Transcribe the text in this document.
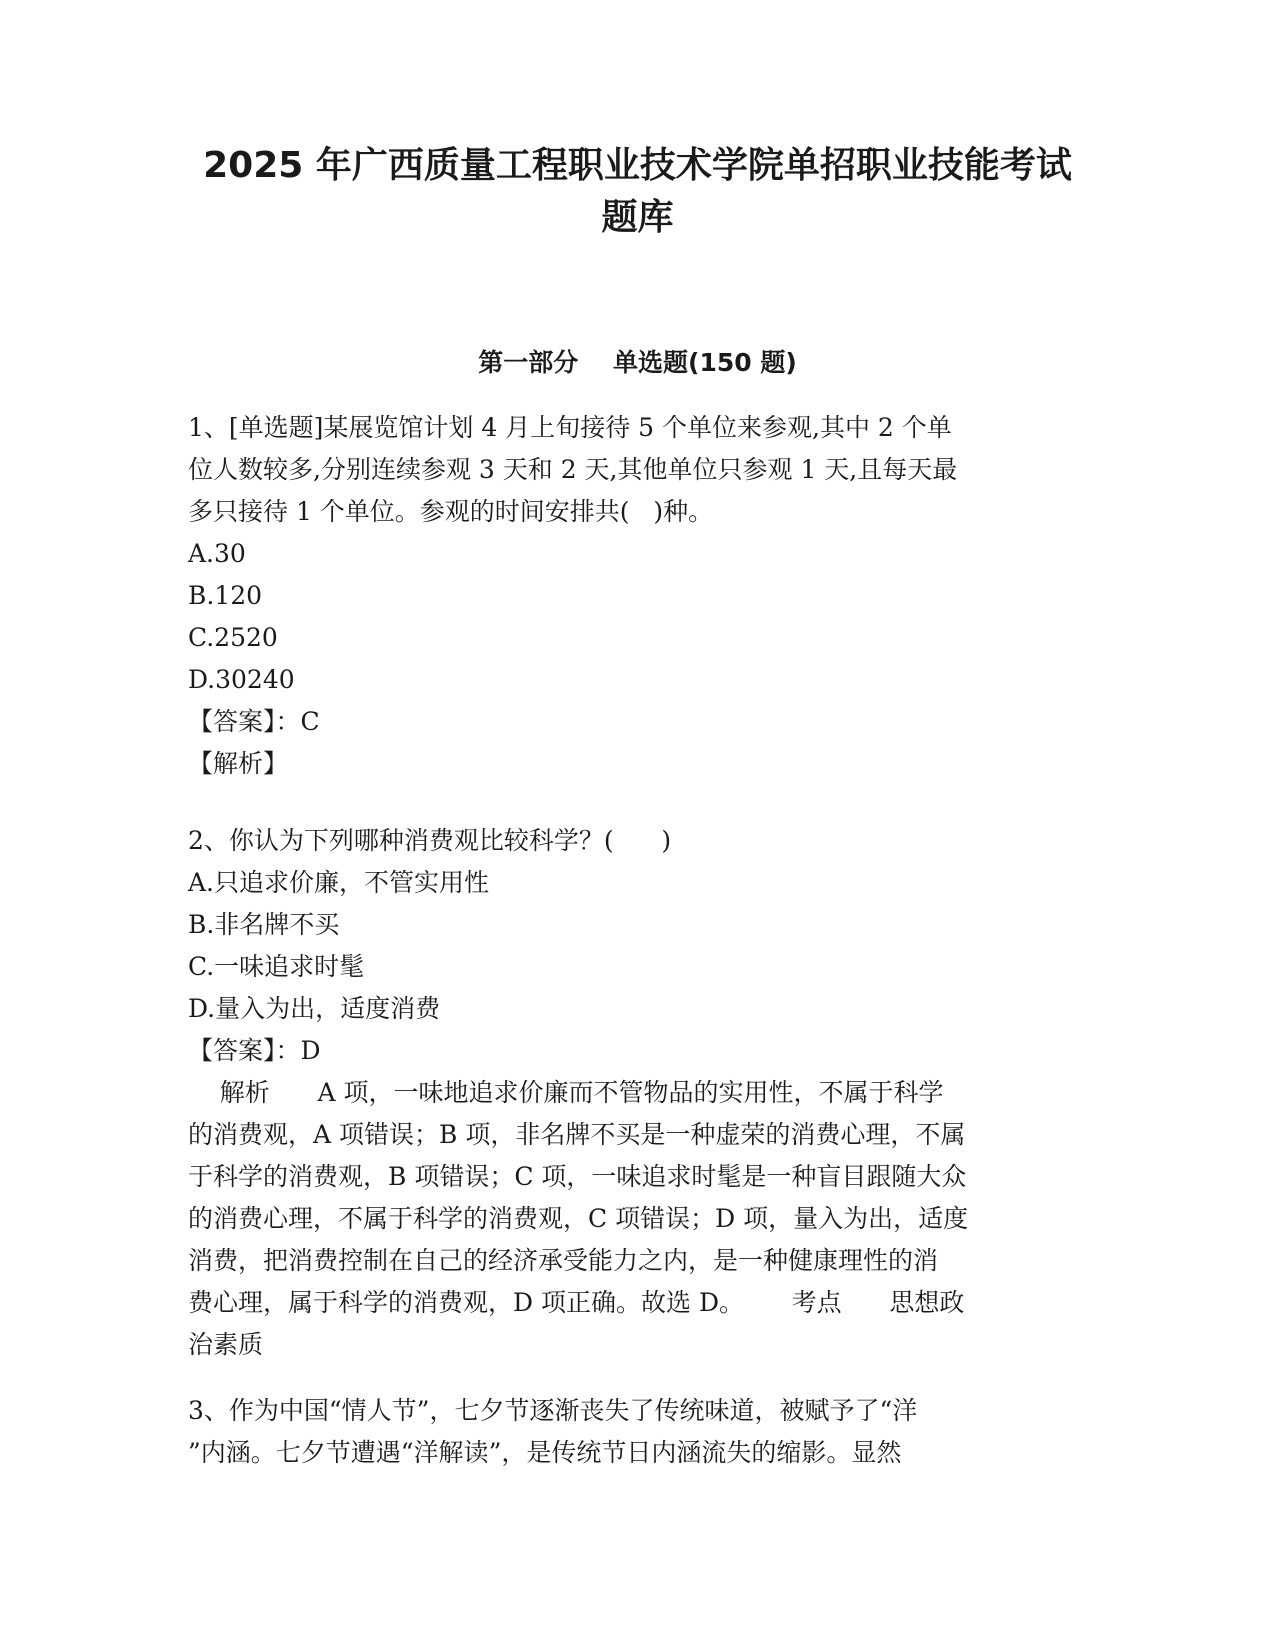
2025 年广西质量工程职业技术学院单招职业技能考试
题库
第一部分    单选题(150 题)
1、[单选题]某展览馆计划 4 月上旬接待 5 个单位来参观,其中 2 个单
位人数较多,分别连续参观 3 天和 2 天,其他单位只参观 1 天,且每天最
多只接待 1 个单位。参观的时间安排共(   )种。
A.30
B.120
C.2520
D.30240
【答案】：C
【解析】
2、你认为下列哪种消费观比较科学？(      )
A.只追求价廉，不管实用性
B.非名牌不买
C.一味追求时髦
D.量入为出，适度消费
【答案】：D
解析      A 项，一味地追求价廉而不管物品的实用性，不属于科学
的消费观，A 项错误；B 项，非名牌不买是一种虚荣的消费心理，不属
于科学的消费观，B 项错误；C 项，一味追求时髦是一种盲目跟随大众
的消费心理，不属于科学的消费观，C 项错误；D 项，量入为出，适度
消费，把消费控制在自己的经济承受能力之内，是一种健康理性的消
费心理，属于科学的消费观，D 项正确。故选 D。      考点      思想政
治素质
3、作为中国“情人节”，七夕节逐渐丧失了传统味道，被赋予了“洋
”内涵。七夕节遭遇“洋解读”，是传统节日内涵流失的缩影。显然
